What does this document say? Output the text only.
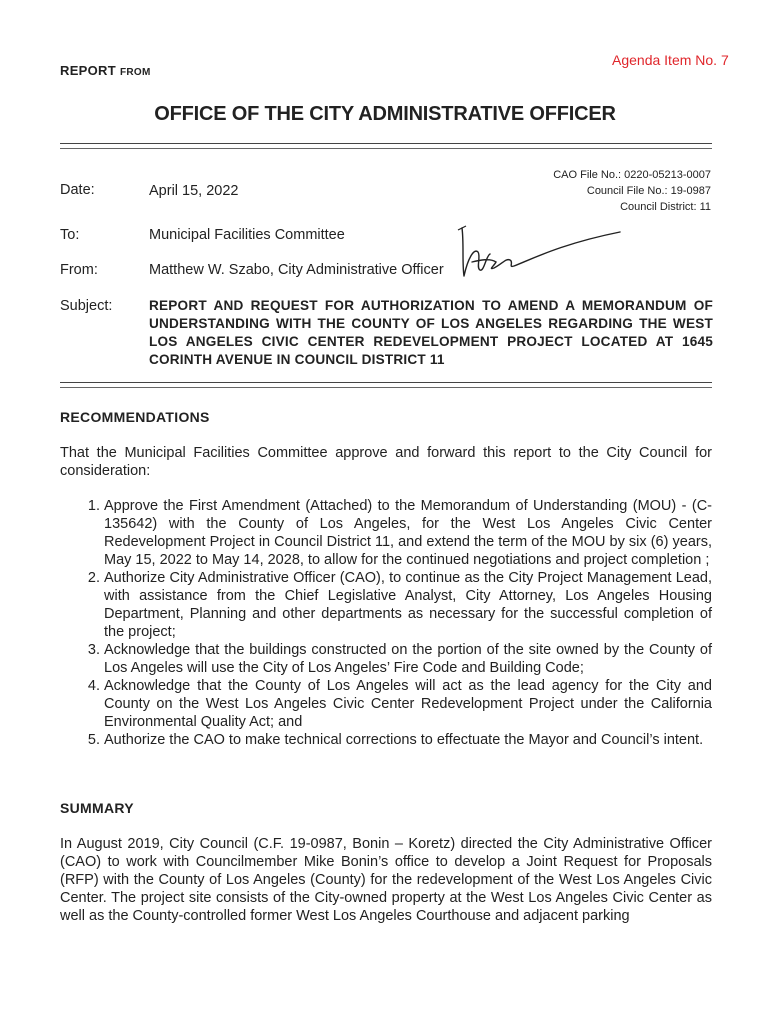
Agenda Item No. 7
REPORT FROM
OFFICE OF THE CITY ADMINISTRATIVE OFFICER
CAO File No.: 0220-05213-0007
Council File No.: 19-0987
Council District: 11
Date:	April 15, 2022
To:	Municipal Facilities Committee
From:	Matthew W. Szabo, City Administrative Officer
Subject:	REPORT AND REQUEST FOR AUTHORIZATION TO AMEND A MEMORANDUM OF UNDERSTANDING WITH THE COUNTY OF LOS ANGELES REGARDING THE WEST LOS ANGELES CIVIC CENTER REDEVELOPMENT PROJECT LOCATED AT 1645 CORINTH AVENUE IN COUNCIL DISTRICT 11
RECOMMENDATIONS
That the Municipal Facilities Committee approve and forward this report to the City Council for consideration:
1. Approve the First Amendment (Attached) to the Memorandum of Understanding (MOU) - (C-135642) with the County of Los Angeles, for the West Los Angeles Civic Center Redevelopment Project in Council District 11, and extend the term of the MOU by six (6) years, May 15, 2022 to May 14, 2028, to allow for the continued negotiations and project completion ;
2. Authorize City Administrative Officer (CAO), to continue as the City Project Management Lead, with assistance from the Chief Legislative Analyst, City Attorney, Los Angeles Housing Department, Planning and other departments as necessary for the successful completion of the project;
3. Acknowledge that the buildings constructed on the portion of the site owned by the County of Los Angeles will use the City of Los Angeles’ Fire Code and Building Code;
4. Acknowledge that the County of Los Angeles will act as the lead agency for the City and County on the West Los Angeles Civic Center Redevelopment Project under the California Environmental Quality Act; and
5. Authorize the CAO to make technical corrections to effectuate the Mayor and Council’s intent.
SUMMARY
In August 2019, City Council (C.F. 19-0987, Bonin – Koretz) directed the City Administrative Officer (CAO) to work with Councilmember Mike Bonin’s office to develop a Joint Request for Proposals (RFP) with the County of Los Angeles (County) for the redevelopment of the West Los Angeles Civic Center. The project site consists of the City-owned property at the West Los Angeles Civic Center as well as the County-controlled former West Los Angeles Courthouse and adjacent parking
